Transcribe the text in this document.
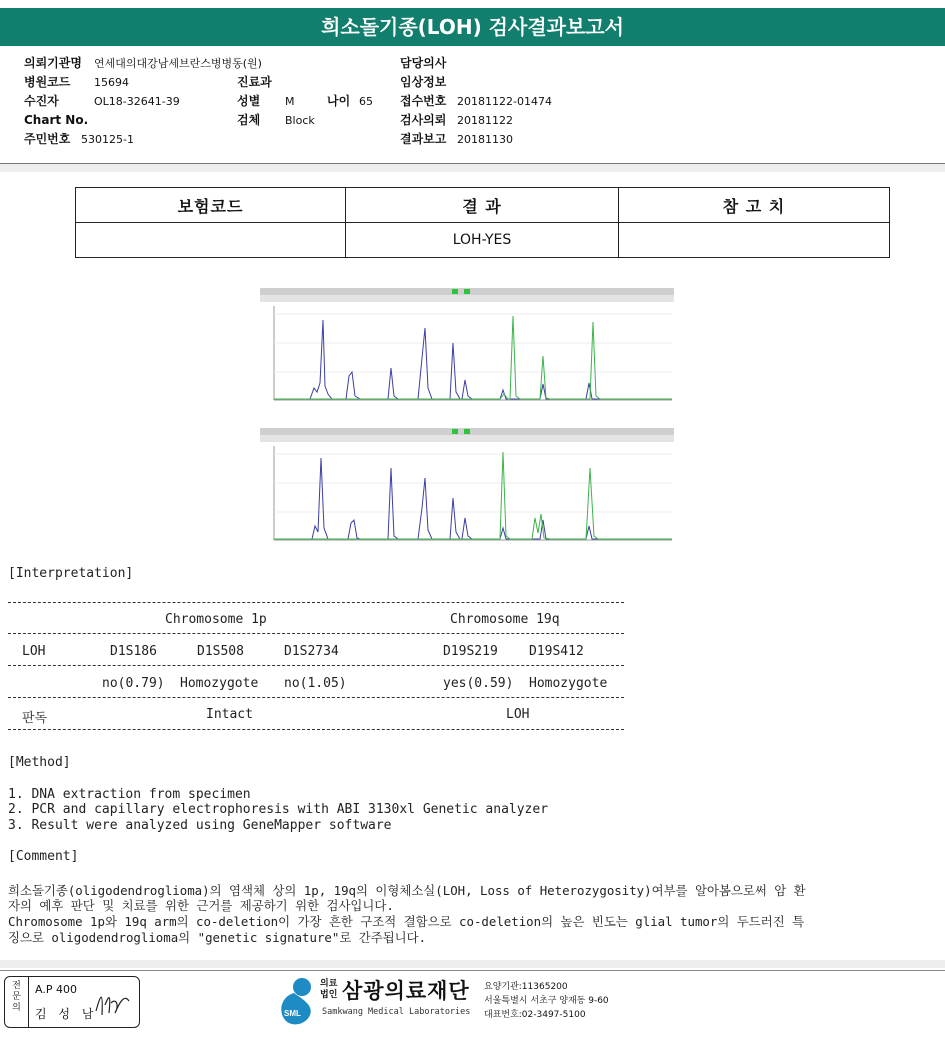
희소돌기종(LOH) 검사결과보고서
의뢰기관명 연세대의대강남세브란스병병동(원)
병원코드 15694
수진자	OL18-32641-39
Chart No.
주민번호 530125-1
진료과
성별 M	나이 65
검체 Block
담당의사
임상정보
접수번호 20181122-01474
검사의뢰 20181122
결과보고 20181130
보험코드	결 과	참 고 치
	LOH-YES	
[Interpretation]
Chromosome 1p	Chromosome 19q
LOH	D1S186	D1S508	D1S2734	D19S219 D19S412
no(0.79) Homozygote no(1.05)	yes(0.59) Homozygote
판독	Intact	LOH
[Method]
1. DNA extraction from specimen
2. PCR and capillary electrophoresis with ABI 3130xl Genetic analyzer
3. Result were analyzed using GeneMapper software
[Comment]
희소돌기종(oligodendroglioma)의 염색체 상의 1p, 19q의 이형체소실(LOH, Loss of Heterozygosity)여부를 알아봄으로써 암 환
자의 예후 판단 및 치료를 위한 근거를 제공하기 위한 검사입니다.
Chromosome 1p와 19q arm의 co-deletion이 가장 흔한 구조적 결함으로 co-deletion의 높은 빈도는 glial tumor의 두드러진 특
징으로 oligodendroglioma의 "genetic signature"로 간주됩니다.
전문의
A.P 400
김 성 남	SML
의료법인 삼광의료재단
Samkwang Medical Laboratories
요양기관:11365200
서울특별시 서초구 양재동 9-60
대표번호:02-3497-5100
